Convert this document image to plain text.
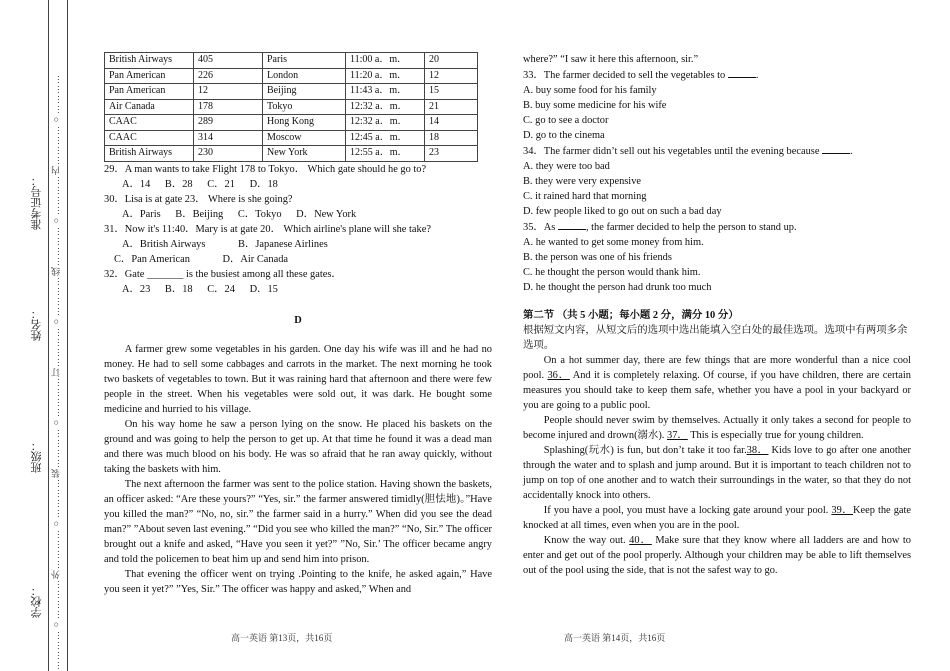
…………○…………外…………○…………装…………○…………订…………○…………线…………○…………内…………○…………
学校：
班级：
姓名：
准考证号：
British Airways	405	Paris	11:00 a．m．	20
Pan American	226	London	11:20 a．m．	12
Pan American	12	Beijing	11:43 a．m．	15
Air Canada	178	Tokyo	12:32 a．m．	21
CAAC	289	Hong Kong	12:32 a．m．	14
CAAC	314	Moscow	12:45 a．m．	18
British Airways	230	New York	12:55 a．m．	23

29．A man wants to take Flight 178 to Tokyo． Which gate should he go to?

A．14 B．28 C．21 D．18

30．Lisa is at gate 23． Where is she going?

A．Paris B．Beijing C．Tokyo D．New York

31．Now it's 11:40．Mary is at gate 20． Which airline's plane will she take?

A．British Airways	B．Japanese Airlines

C．Pan American	D．Air Canada

32．Gate _______ is the busiest among all these gates．

A．23 B．18 C．24 D．15

D

A farmer grew some vegetables in his garden. One day his wife was ill and he had no money. He had to sell some cabbages and carrots in the market. The next morning he took two baskets of vegetables to town. But it was raining hard that afternoon and there were few people in the street. When his vegetables were sold out, it was dark. He bought some medicine and hurried to his village.

On his way home he saw a person lying on the snow. He placed his baskets on the ground and was going to help the person to get up. At that time he found it was a dead man and there was much blood on his body. He was so afraid that he ran away quickly, without taking the baskets with him.

The next afternoon the farmer was sent to the police station. Having shown the baskets, an officer asked: “Are these yours?” “Yes, sir.” the farmer answered timidly(胆怯地)。”Have you killed the man?” “No, no, sir.” the farmer said in a hurry.” When did you see the dead man?” ”About seven last evening.” “Did you see who killed the man?” “No, Sir.” The officer brought out a knife and asked, “Have you seen it yet?” ”No, Sir.’ The officer became angry and told the policemen to beat him up and send him into prison.

That evening the officer went on trying .Pointing to the knife, he asked again,” Have you seen it yet?” ”Yes, Sir.” The officer was happy and asked,” When and

where?” “I saw it here this afternoon, sir.”

33．The farmer decided to sell the vegetables to	.

A. buy some food for his family

B. buy some medicine for his wife

C. go to see a doctor

D. go to the cinema

34．The farmer didn’t sell out his vegetables until the evening because	.

A. they were too bad

B. they were very expensive

C. it rained hard that morning

D. few people liked to go out on such a bad day

35．As	, the farmer decided to help the person to stand up.

A. he wanted to get some money from him.

B. the person was one of his friends

C. he thought the person would thank him.

D. he thought the person had drunk too much

第二节 （共 5 小题；每小题 2 分，满分 10 分）

根据短文内容，从短文后的选项中选出能填入空白处的最佳选项。选项中有两项多余选项。

On a hot summer day, there are few things that are more wonderful than a nice cool pool. 36． And it is completely relaxing. Of course, if you have children, there are certain measures you should take to keep them safe, whether you have a pool in your backyard or you are going to a public pool.

People should never swim by themselves. Actually it only takes a second for people to become injured and drown(溺水). 37． This is especially true for young children.

Splashing(玩水) is fun, but don’t take it too far.38． Kids love to go after one another through the water and to splash and jump around. But it is important to teach children not to jump on top of one another and to watch their surroundings in the water, so that they do not accidentally knock into others.

If you have a pool, you must have a locking gate around your pool. 39．Keep the gate knocked at all times, even when you are in the pool.

Know the way out. 40． Make sure that they know where all ladders are and how to enter and get out of the pool properly. Although your children may be able to lift themselves out of the pool using the side, that is not the safest way to go.

高一英语 第13页，共16页	高一英语 第14页，共16页
